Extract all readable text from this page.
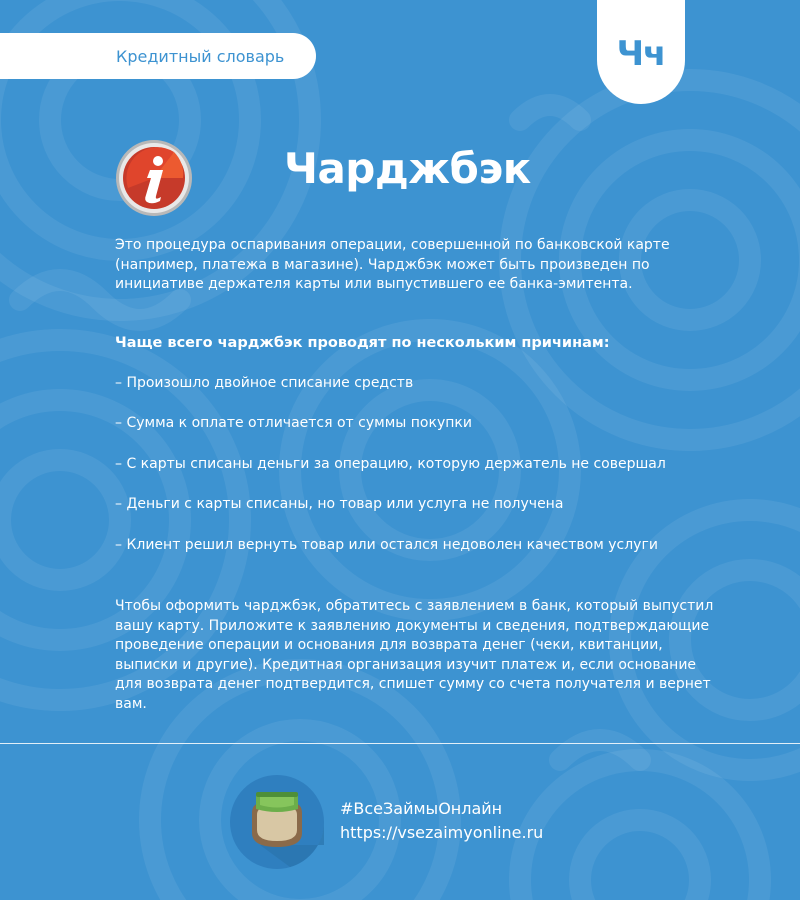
Кредитный словарь	Чч
Чарджбэк
Это процедура оспаривания операции, совершенной по банковской карте (например, платежа в магазине). Чарджбэк может быть произведен по инициативе держателя карты или выпустившего ее банка-эмитента.
Чаще всего чарджбэк проводят по нескольким причинам:
– Произошло двойное списание средств
– Сумма к оплате отличается от суммы покупки
– С карты списаны деньги за операцию, которую держатель не совершал
– Деньги с карты списаны, но товар или услуга не получена
– Клиент решил вернуть товар или остался недоволен качеством услуги
Чтобы оформить чарджбэк, обратитесь с заявлением в банк, который выпустил вашу карту. Приложите к заявлению документы и сведения, подтверждающие проведение операции и основания для возврата денег (чеки, квитанции, выписки и другие). Кредитная организация изучит платеж и, если основание для возврата денег подтвердится, спишет сумму со счета получателя и вернет вам.
#ВсеЗаймыОнлайн
https://vsezaimyonline.ru
